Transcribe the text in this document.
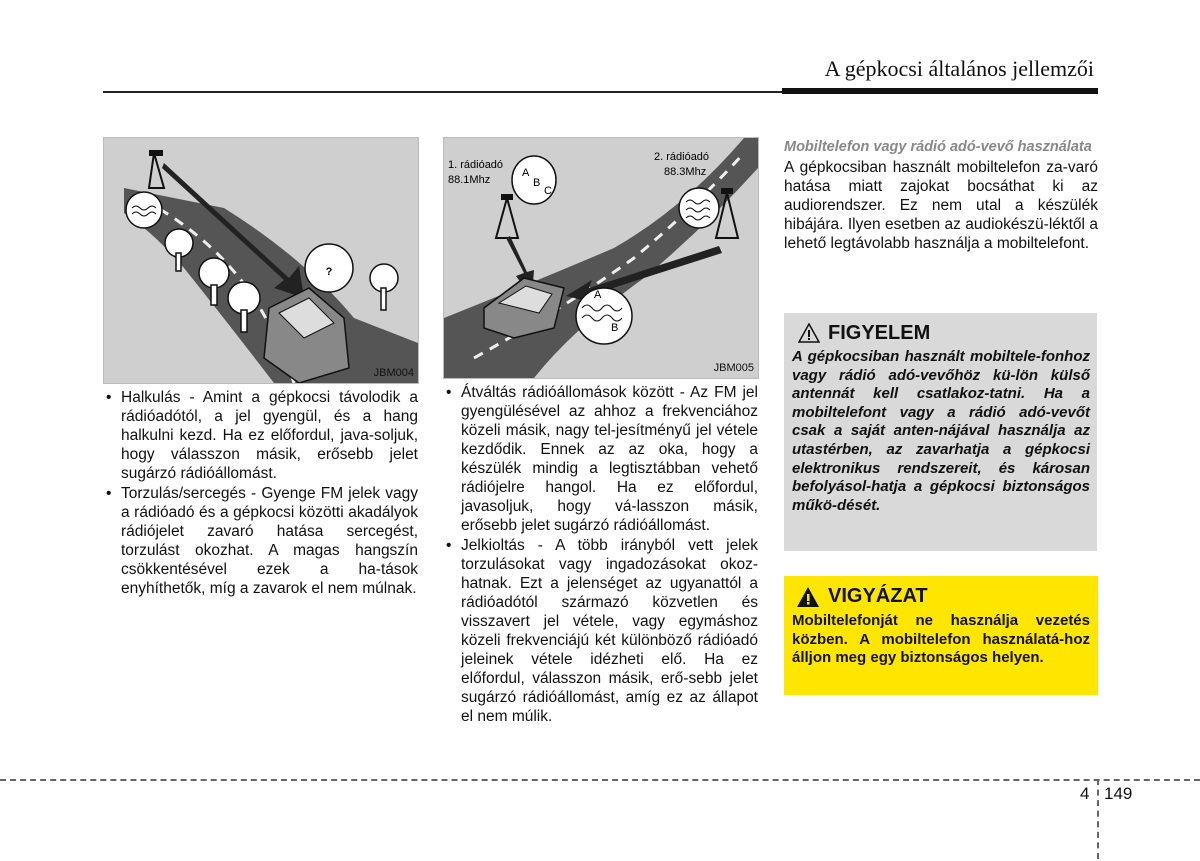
A gépkocsi általános jellemzői
?
JBM004
1. rádióadó
88.1Mhz
2. rádióadó
88.3Mhz
A
B
C
A
B
JBM005
• Halkulás - Amint a gépkocsi távolodik a rádióadótól, a jel gyengül, és a hang halkulni kezd. Ha ez előfordul, java-soljuk, hogy válasszon másik, erősebb jelet sugárzó rádióállomást.
• Torzulás/sercegés - Gyenge FM jelek vagy a rádióadó és a gépkocsi közötti akadályok rádiójelet zavaró hatása sercegést, torzulást okozhat. A magas hangszín csökkentésével ezek a ha-tások enyhíthetők, míg a zavarok el nem múlnak.
• Átváltás rádióállomások között - Az FM jel gyengülésével az ahhoz a frekvenciához közeli másik, nagy tel-jesítményű jel vétele kezdődik. Ennek az az oka, hogy a készülék mindig a legtisztábban vehető rádiójelre hangol. Ha ez előfordul, javasoljuk, hogy vá-lasszon másik, erősebb jelet sugárzó rádióállomást.
• Jelkioltás - A több irányból vett jelek torzulásokat vagy ingadozásokat okoz-hatnak. Ezt a jelenséget az ugyanattól a rádióadótól származó közvetlen és visszavert jel vétele, vagy egymáshoz közeli frekvenciájú két különböző rádióadó jeleinek vétele idézheti elő. Ha ez előfordul, válasszon másik, erő-sebb jelet sugárzó rádióállomást, amíg ez az állapot el nem múlik.
Mobiltelefon vagy rádió adó-vevő használata
A gépkocsiban használt mobiltelefon za-varó hatása miatt zajokat bocsáthat ki az audiorendszer. Ez nem utal a készülék hibájára. Ilyen esetben az audiokészü-léktől a lehető legtávolabb használja a mobiltelefont.
FIGYELEM
A gépkocsiban használt mobiltele-fonhoz vagy rádió adó-vevőhöz kü-lön külső antennát kell csatlakoz-tatni. Ha a mobiltelefont vagy a rádió adó-vevőt csak a saját anten-nájával használja az utastérben, az zavarhatja a gépkocsi elektronikus rendszereit, és károsan befolyásol-hatja a gépkocsi biztonságos műkö-dését.
VIGYÁZAT
Mobiltelefonját ne használja vezetés közben. A mobiltelefon használatá-hoz álljon meg egy biztonságos helyen.
4 149
